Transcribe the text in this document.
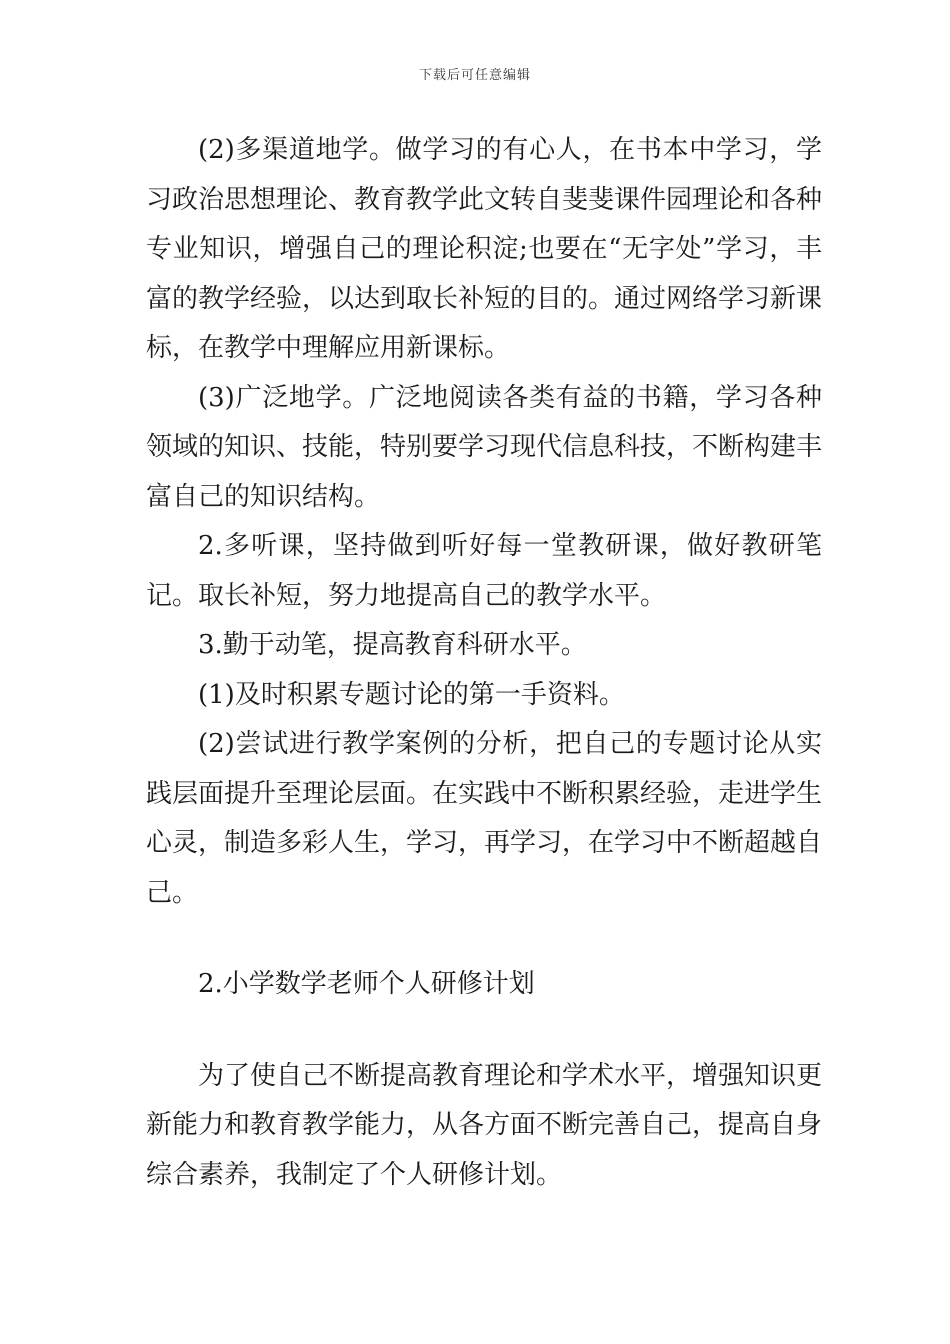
下载后可任意编辑

(2)多渠道地学。做学习的有心人，在书本中学习，学习政治思想理论、教育教学此文转自斐斐课件园理论和各种专业知识，增强自己的理论积淀;也要在“无字处”学习，丰富的教学经验，以达到取长补短的目的。通过网络学习新课标，在教学中理解应用新课标。

(3)广泛地学。广泛地阅读各类有益的书籍，学习各种领域的知识、技能，特别要学习现代信息科技，不断构建丰富自己的知识结构。

2.多听课，坚持做到听好每一堂教研课，做好教研笔记。取长补短，努力地提高自己的教学水平。

3.勤于动笔，提高教育科研水平。

(1)及时积累专题讨论的第一手资料。

(2)尝试进行教学案例的分析，把自己的专题讨论从实践层面提升至理论层面。在实践中不断积累经验，走进学生心灵，制造多彩人生，学习，再学习，在学习中不断超越自己。

2.小学数学老师个人研修计划

为了使自己不断提高教育理论和学术水平，增强知识更新能力和教育教学能力，从各方面不断完善自己，提高自身综合素养，我制定了个人研修计划。
